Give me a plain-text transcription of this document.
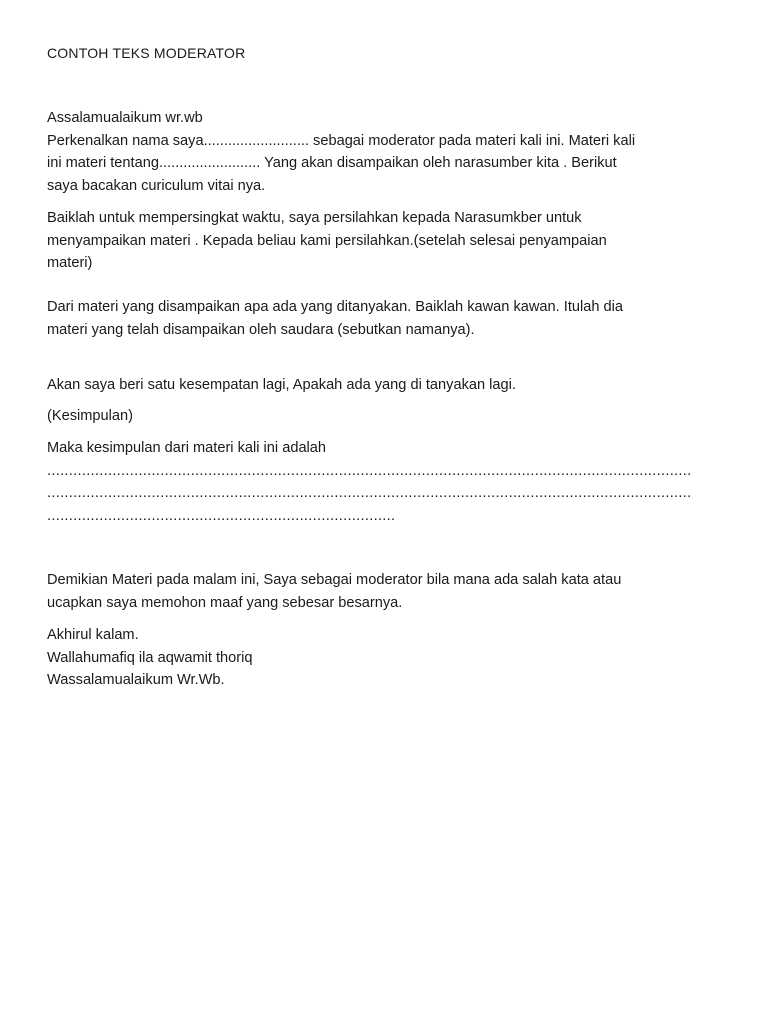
CONTOH TEKS MODERATOR
Assalamualaikum wr.wb
Perkenalkan nama saya.......................... sebagai moderator pada materi kali ini. Materi kali
ini materi tentang......................... Yang akan disampaikan oleh narasumber kita . Berikut
saya bacakan curiculum vitai nya.
Baiklah untuk mempersingkat waktu, saya persilahkan kepada Narasumkber untuk
menyampaikan materi . Kepada beliau kami persilahkan.(setelah selesai penyampaian
materi)
Dari materi yang disampaikan apa ada yang ditanyakan. Baiklah kawan kawan. Itulah dia
materi yang telah disampaikan oleh saudara (sebutkan namanya).
Akan saya beri satu kesempatan lagi, Apakah ada yang di tanyakan lagi.
(Kesimpulan)
Maka kesimpulan dari materi kali ini adalah
....................................................................................................................................................
....................................................................................................................................................
................................................................................
Demikian Materi pada malam ini, Saya sebagai moderator bila mana ada salah kata atau
ucapkan saya memohon maaf yang sebesar besarnya.
Akhirul kalam.
Wallahumafiq ila aqwamit thoriq
Wassalamualaikum Wr.Wb.
